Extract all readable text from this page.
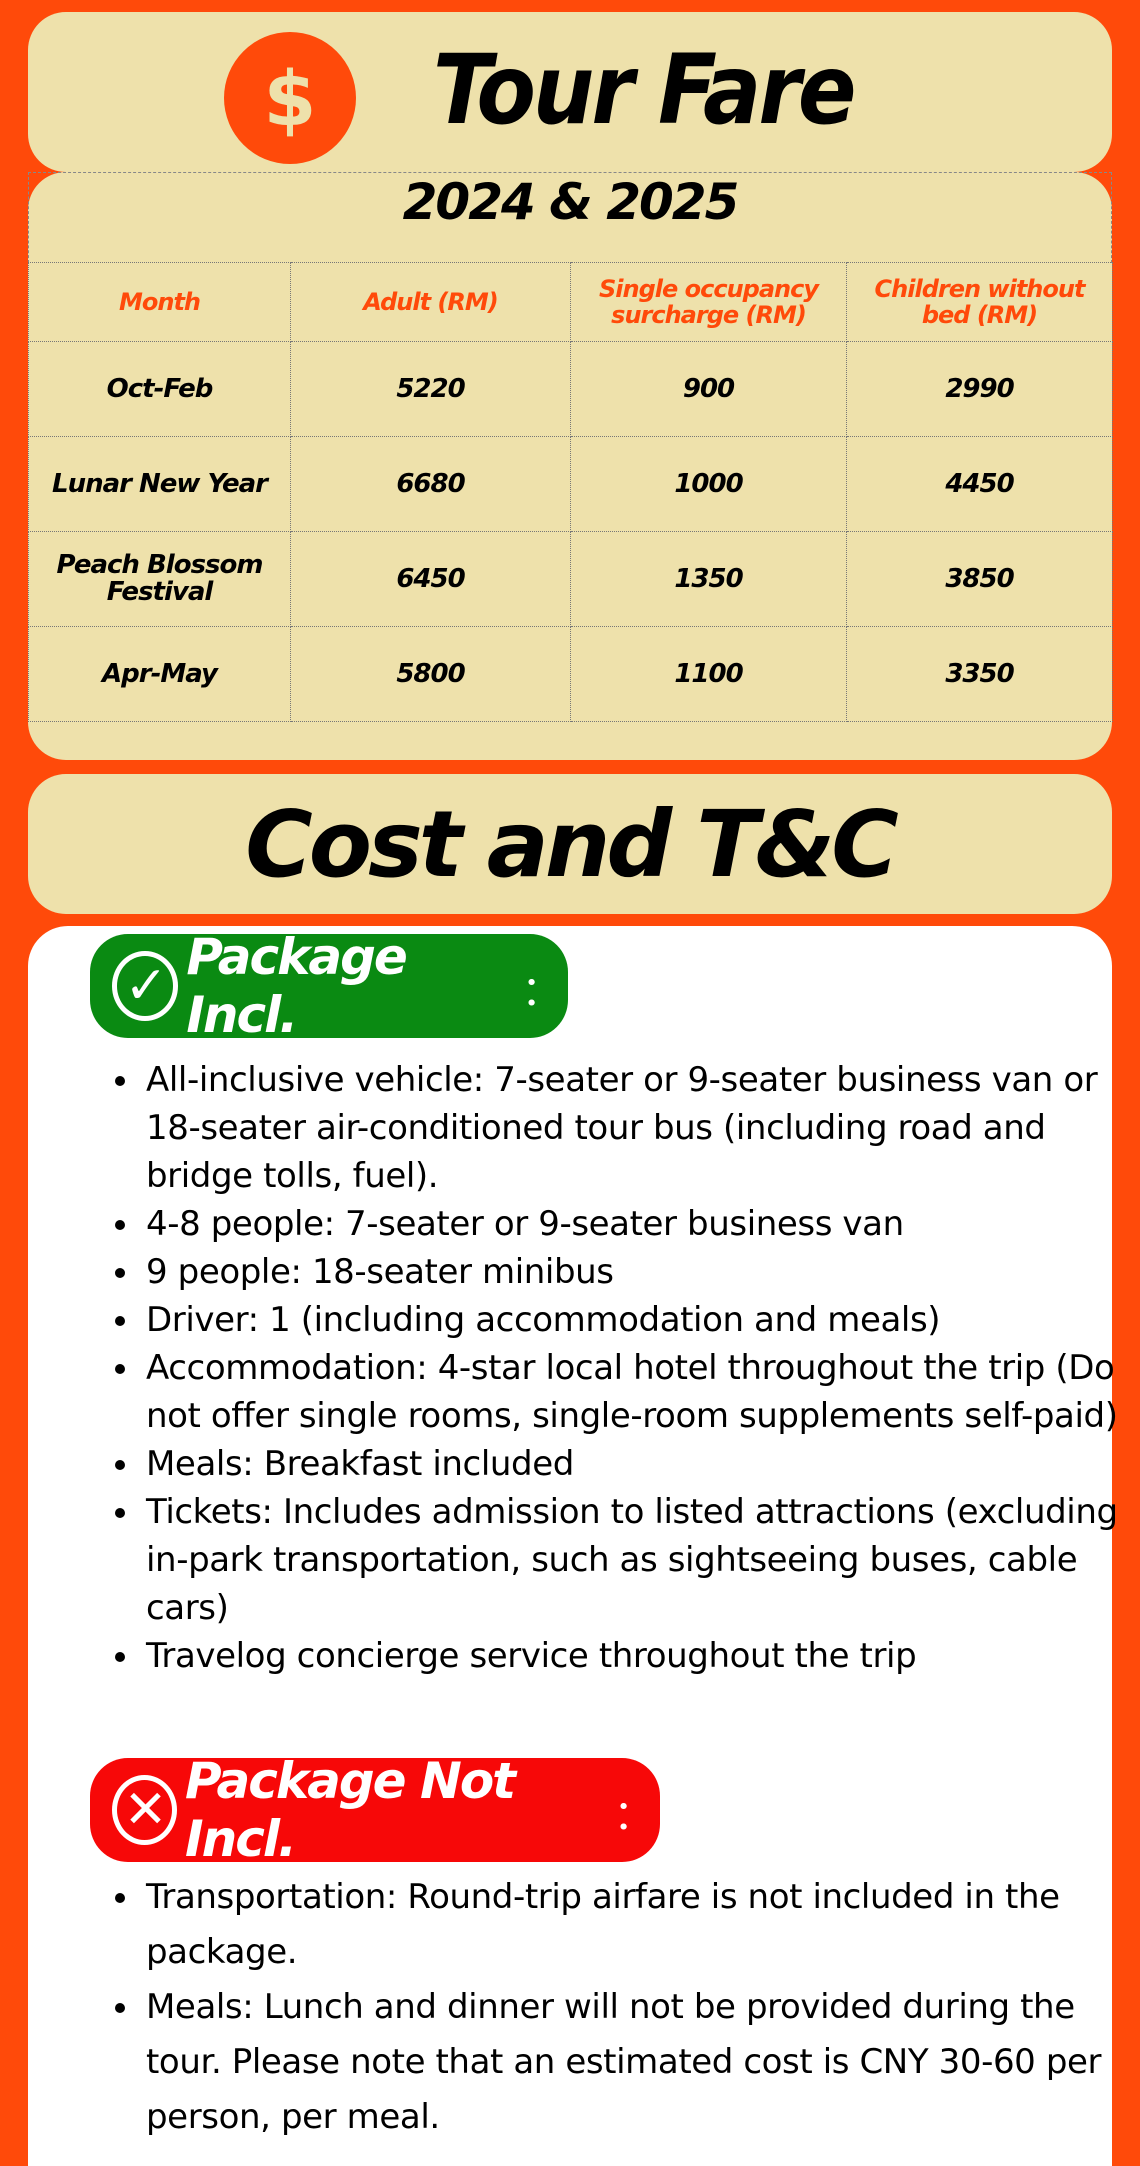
$ Tour Fare
2024 & 2025
Month	Adult (RM)	Single occupancy surcharge (RM)	Children without bed (RM)
Oct-Feb	5220	900	2990
Lunar New Year	6680	1000	4450
Peach Blossom Festival	6450	1350	3850
Apr-May	5800	1100	3350
Cost and T&C
✓ Package Incl.	：
• All-inclusive vehicle: 7-seater or 9-seater business van or 18-seater air-conditioned tour bus (including road and bridge tolls, fuel).
• 4-8 people: 7-seater or 9-seater business van
• 9 people: 18-seater minibus
• Driver: 1 (including accommodation and meals)
• Accommodation: 4-star local hotel throughout the trip (Do not offer single rooms, single-room supplements self-paid)
• Meals: Breakfast included
• Tickets: Includes admission to listed attractions (excluding in-park transportation, such as sightseeing buses, cable cars)
• Travelog concierge service throughout the trip
✕ Package Not Incl.	：
• Transportation: Round-trip airfare is not included in the package.
• Meals: Lunch and dinner will not be provided during the tour. Please note that an estimated cost is CNY 30-60 per person, per meal.
